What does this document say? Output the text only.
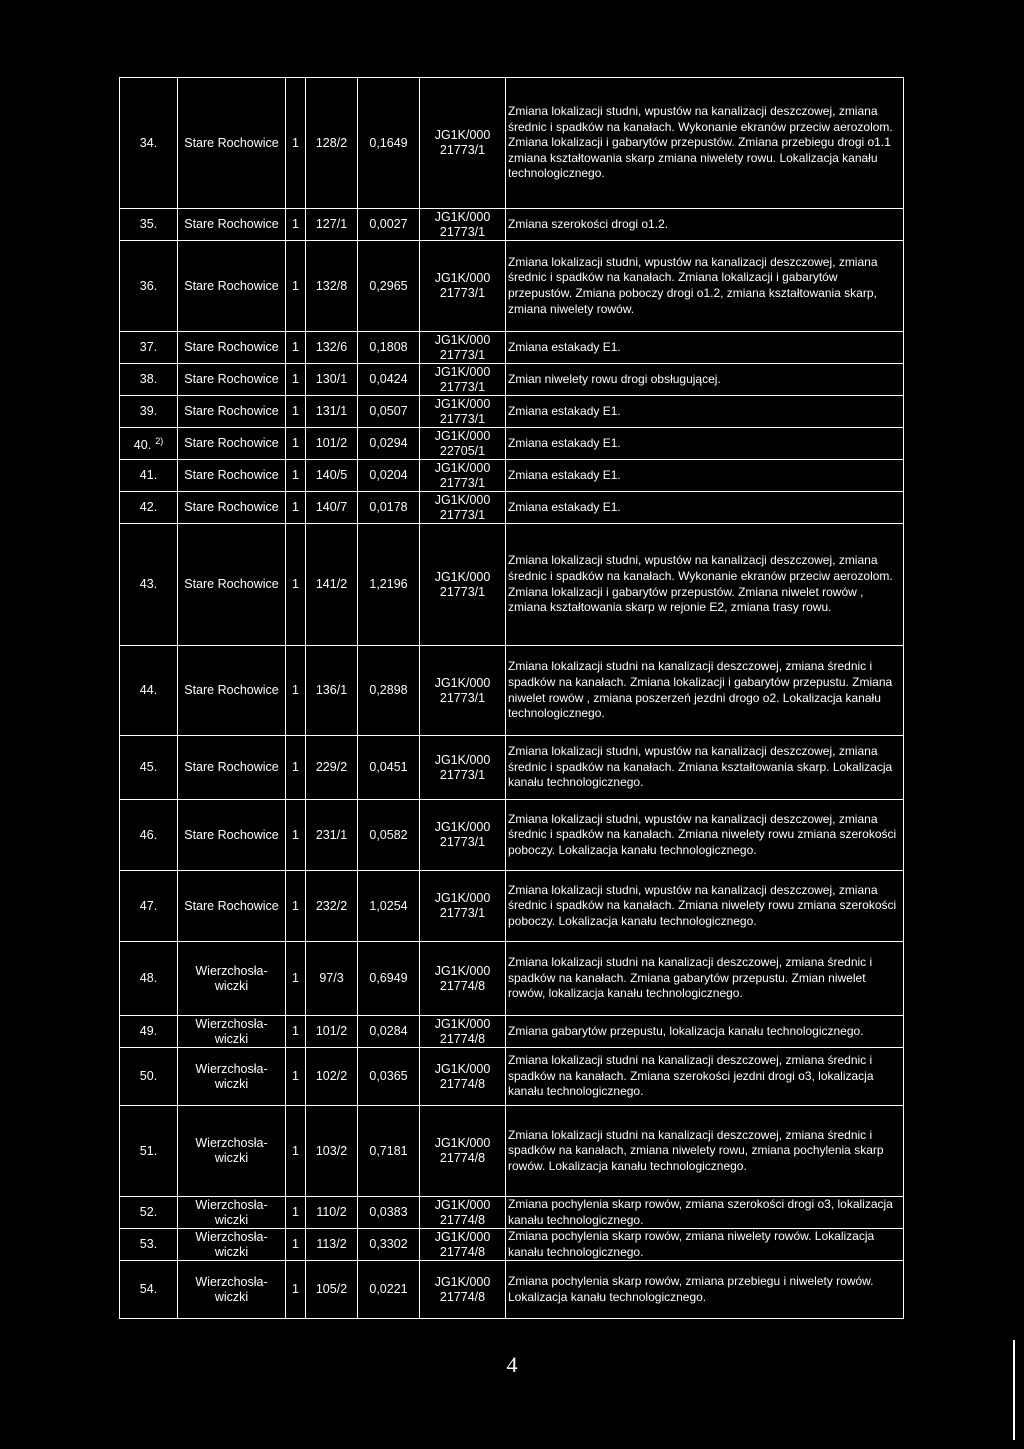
34.	Stare Rochowice	1	128/2	0,1649	JG1K/000 21773/1	Zmiana lokalizacji studni, wpustów na kanalizacji deszczowej, zmiana średnic i spadków na kanałach. Wykonanie ekranów przeciw aerozolom. Zmiana lokalizacji i gabarytów przepustów. Zmiana przebiegu drogi o1.1 zmiana kształtowania skarp zmiana niwelety rowu. Lokalizacja kanału technologicznego.
35.	Stare Rochowice	1	127/1	0,0027	JG1K/000 21773/1	Zmiana szerokości drogi o1.2.
36.	Stare Rochowice	1	132/8	0,2965	JG1K/000 21773/1	Zmiana lokalizacji studni, wpustów na kanalizacji deszczowej, zmiana średnic i spadków na kanałach. Zmiana lokalizacji i gabarytów przepustów. Zmiana poboczy drogi o1.2, zmiana kształtowania skarp, zmiana niwelety rowów.
37.	Stare Rochowice	1	132/6	0,1808	JG1K/000 21773/1	Zmiana estakady E1.
38.	Stare Rochowice	1	130/1	0,0424	JG1K/000 21773/1	Zmian niwelety rowu drogi obsługującej.
39.	Stare Rochowice	1	131/1	0,0507	JG1K/000 21773/1	Zmiana estakady E1.
40. $^{2)}$	Stare Rochowice	1	101/2	0,0294	JG1K/000 22705/1	Zmiana estakady E1.
41.	Stare Rochowice	1	140/5	0,0204	JG1K/000 21773/1	Zmiana estakady E1.
42.	Stare Rochowice	1	140/7	0,0178	JG1K/000 21773/1	Zmiana estakady E1.
43.	Stare Rochowice	1	141/2	1,2196	JG1K/000 21773/1	Zmiana lokalizacji studni, wpustów na kanalizacji deszczowej, zmiana średnic i spadków na kanałach. Wykonanie ekranów przeciw aerozolom. Zmiana lokalizacji i gabarytów przepustów. Zmiana niwelet rowów , zmiana kształtowania skarp w rejonie E2, zmiana trasy rowu.
44.	Stare Rochowice	1	136/1	0,2898	JG1K/000 21773/1	Zmiana lokalizacji studni na kanalizacji deszczowej, zmiana średnic i spadków na kanałach. Zmiana lokalizacji i gabarytów przepustu. Zmiana niwelet rowów , zmiana poszerzeń jezdni drogo o2. Lokalizacja kanału technologicznego.
45.	Stare Rochowice	1	229/2	0,0451	JG1K/000 21773/1	Zmiana lokalizacji studni, wpustów na kanalizacji deszczowej, zmiana średnic i spadków na kanałach. Zmiana kształtowania skarp. Lokalizacja kanału technologicznego.
46.	Stare Rochowice	1	231/1	0,0582	JG1K/000 21773/1	Zmiana lokalizacji studni, wpustów na kanalizacji deszczowej, zmiana średnic i spadków na kanałach. Zmiana niwelety rowu zmiana szerokości poboczy. Lokalizacja kanału technologicznego.
47.	Stare Rochowice	1	232/2	1,0254	JG1K/000 21773/1	Zmiana lokalizacji studni, wpustów na kanalizacji deszczowej, zmiana średnic i spadków na kanałach. Zmiana niwelety rowu zmiana szerokości poboczy. Lokalizacja kanału technologicznego.
48.	Wierzchosła- wiczki	1	97/3	0,6949	JG1K/000 21774/8	Zmiana lokalizacji studni na kanalizacji deszczowej, zmiana średnic i spadków na kanałach. Zmiana gabarytów przepustu. Zmian niwelet rowów, lokalizacja kanału technologicznego.
49.	Wierzchosła- wiczki	1	101/2	0,0284	JG1K/000 21774/8	Zmiana gabarytów przepustu, lokalizacja kanału technologicznego.
50.	Wierzchosła- wiczki	1	102/2	0,0365	JG1K/000 21774/8	Zmiana lokalizacji studni na kanalizacji deszczowej, zmiana średnic i spadków na kanałach. Zmiana szerokości jezdni drogi o3, lokalizacja kanału technologicznego.
51.	Wierzchosła- wiczki	1	103/2	0,7181	JG1K/000 21774/8	Zmiana lokalizacji studni na kanalizacji deszczowej, zmiana średnic i spadków na kanałach, zmiana niwelety rowu, zmiana pochylenia skarp rowów. Lokalizacja kanału technologicznego.
52.	Wierzchosła- wiczki	1	110/2	0,0383	JG1K/000 21774/8	Zmiana pochylenia skarp rowów, zmiana szerokości drogi o3, lokalizacja kanału technologicznego.
53.	Wierzchosła- wiczki	1	113/2	0,3302	JG1K/000 21774/8	Zmiana pochylenia skarp rowów, zmiana niwelety rowów. Lokalizacja kanału technologicznego.
54.	Wierzchosła- wiczki	1	105/2	0,0221	JG1K/000 21774/8	Zmiana pochylenia skarp rowów, zmiana przebiegu i niwelety rowów. Lokalizacja kanału technologicznego.
4
